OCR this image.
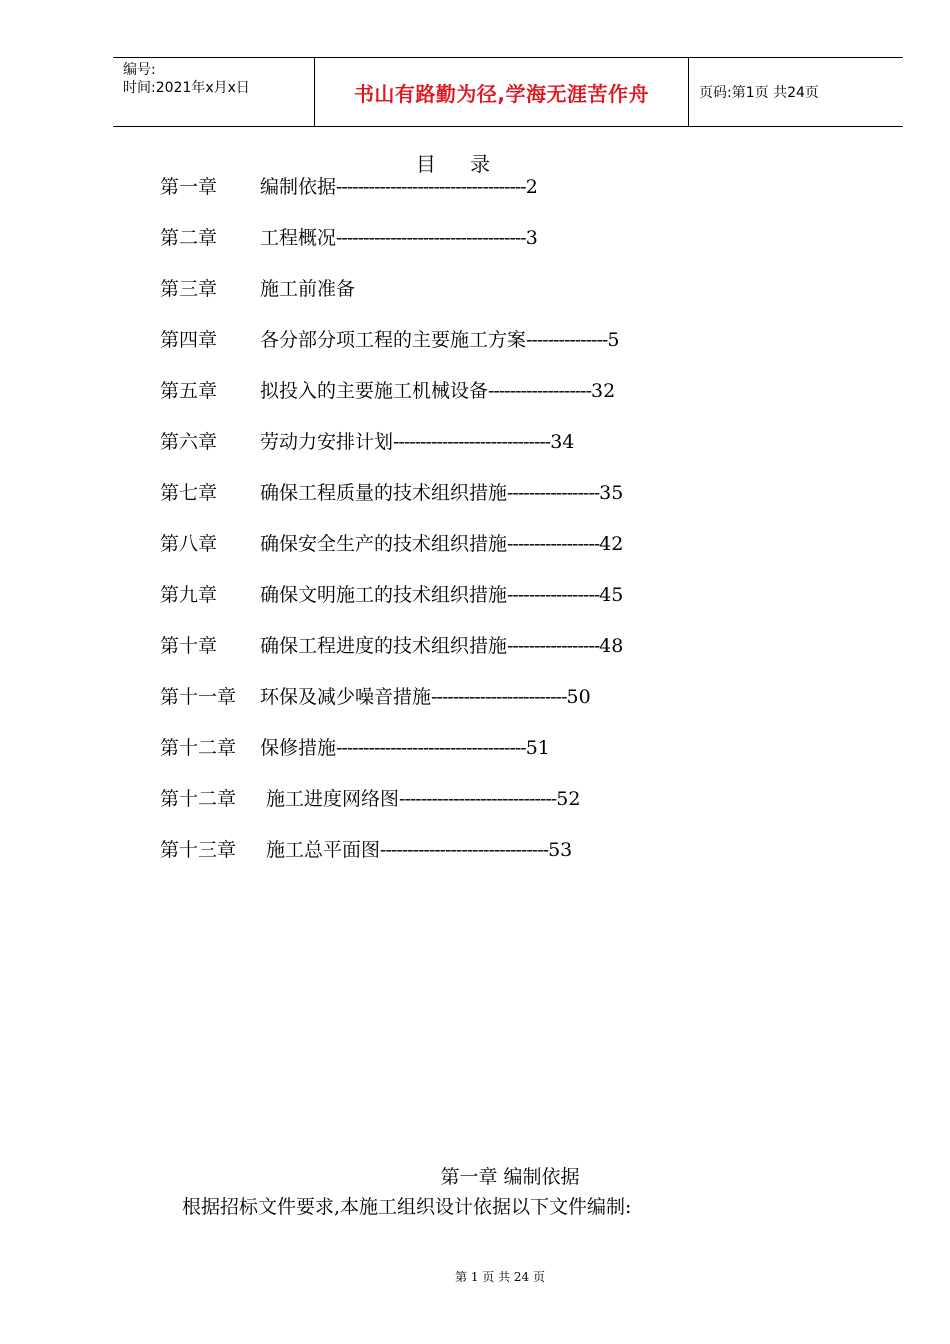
编号:
时间:2021年x月x日	书山有路勤为径,学海无涯苦作舟	页码:第1页 共24页
目 录
第一章 编制依据-----------------------------------2
第二章 工程概况-----------------------------------3
第三章 施工前准备
第四章 各分部分项工程的主要施工方案---------------5
第五章 拟投入的主要施工机械设备-------------------32
第六章 劳动力安排计划-----------------------------34
第七章 确保工程质量的技术组织措施-----------------35
第八章 确保安全生产的技术组织措施-----------------42
第九章 确保文明施工的技术组织措施-----------------45
第十章 确保工程进度的技术组织措施-----------------48
第十一章 环保及减少噪音措施-------------------------50
第十二章 保修措施-----------------------------------51
第十二章 施工进度网络图-----------------------------52
第十三章 施工总平面图-------------------------------53
第一章 编制依据
根据招标文件要求,本施工组织设计依据以下文件编制:
第 1 页 共 24 页
